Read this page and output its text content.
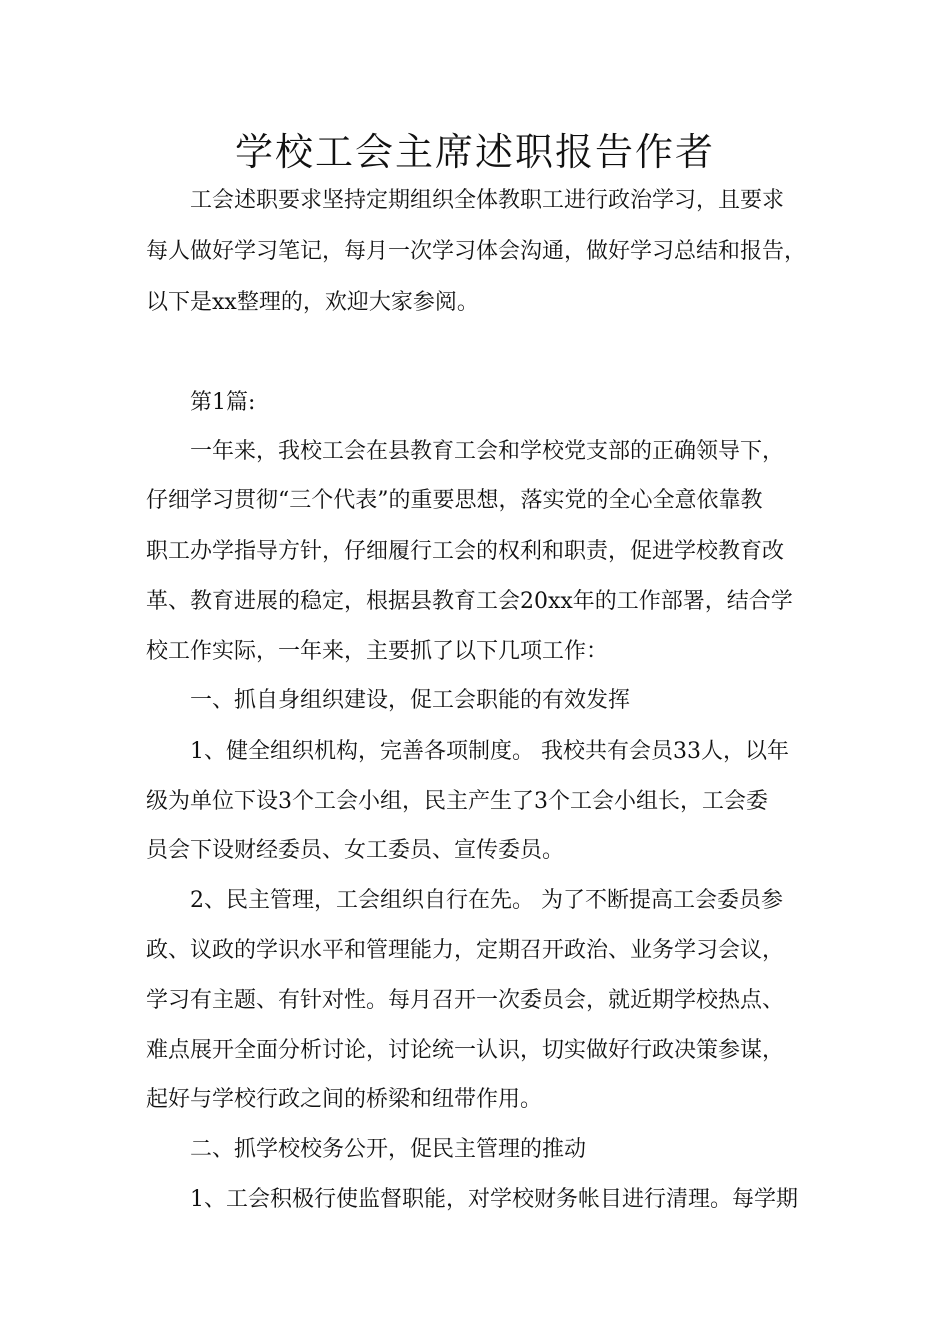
学校工会主席述职报告作者
工会述职要求坚持定期组织全体教职工进行政治学习，且要求
每人做好学习笔记，每月一次学习体会沟通，做好学习总结和报告，
以下是xx整理的，欢迎大家参阅。
第1篇:
一年来，我校工会在县教育工会和学校党支部的正确领导下，
仔细学习贯彻“三个代表”的重要思想，落实党的全心全意依靠教
职工办学指导方针，仔细履行工会的权利和职责，促进学校教育改
革、教育进展的稳定，根据县教育工会20xx年的工作部署，结合学
校工作实际，一年来，主要抓了以下几项工作：
一、抓自身组织建设，促工会职能的有效发挥
1、健全组织机构，完善各项制度。 我校共有会员33人，以年
级为单位下设3个工会小组，民主产生了3个工会小组长，工会委
员会下设财经委员、女工委员、宣传委员。
2、民主管理，工会组织自行在先。 为了不断提高工会委员参
政、议政的学识水平和管理能力，定期召开政治、业务学习会议，
学习有主题、有针对性。每月召开一次委员会，就近期学校热点、
难点展开全面分析讨论，讨论统一认识，切实做好行政决策参谋，
起好与学校行政之间的桥梁和纽带作用。
二、抓学校校务公开，促民主管理的推动
1、工会积极行使监督职能，对学校财务帐目进行清理。每学期
